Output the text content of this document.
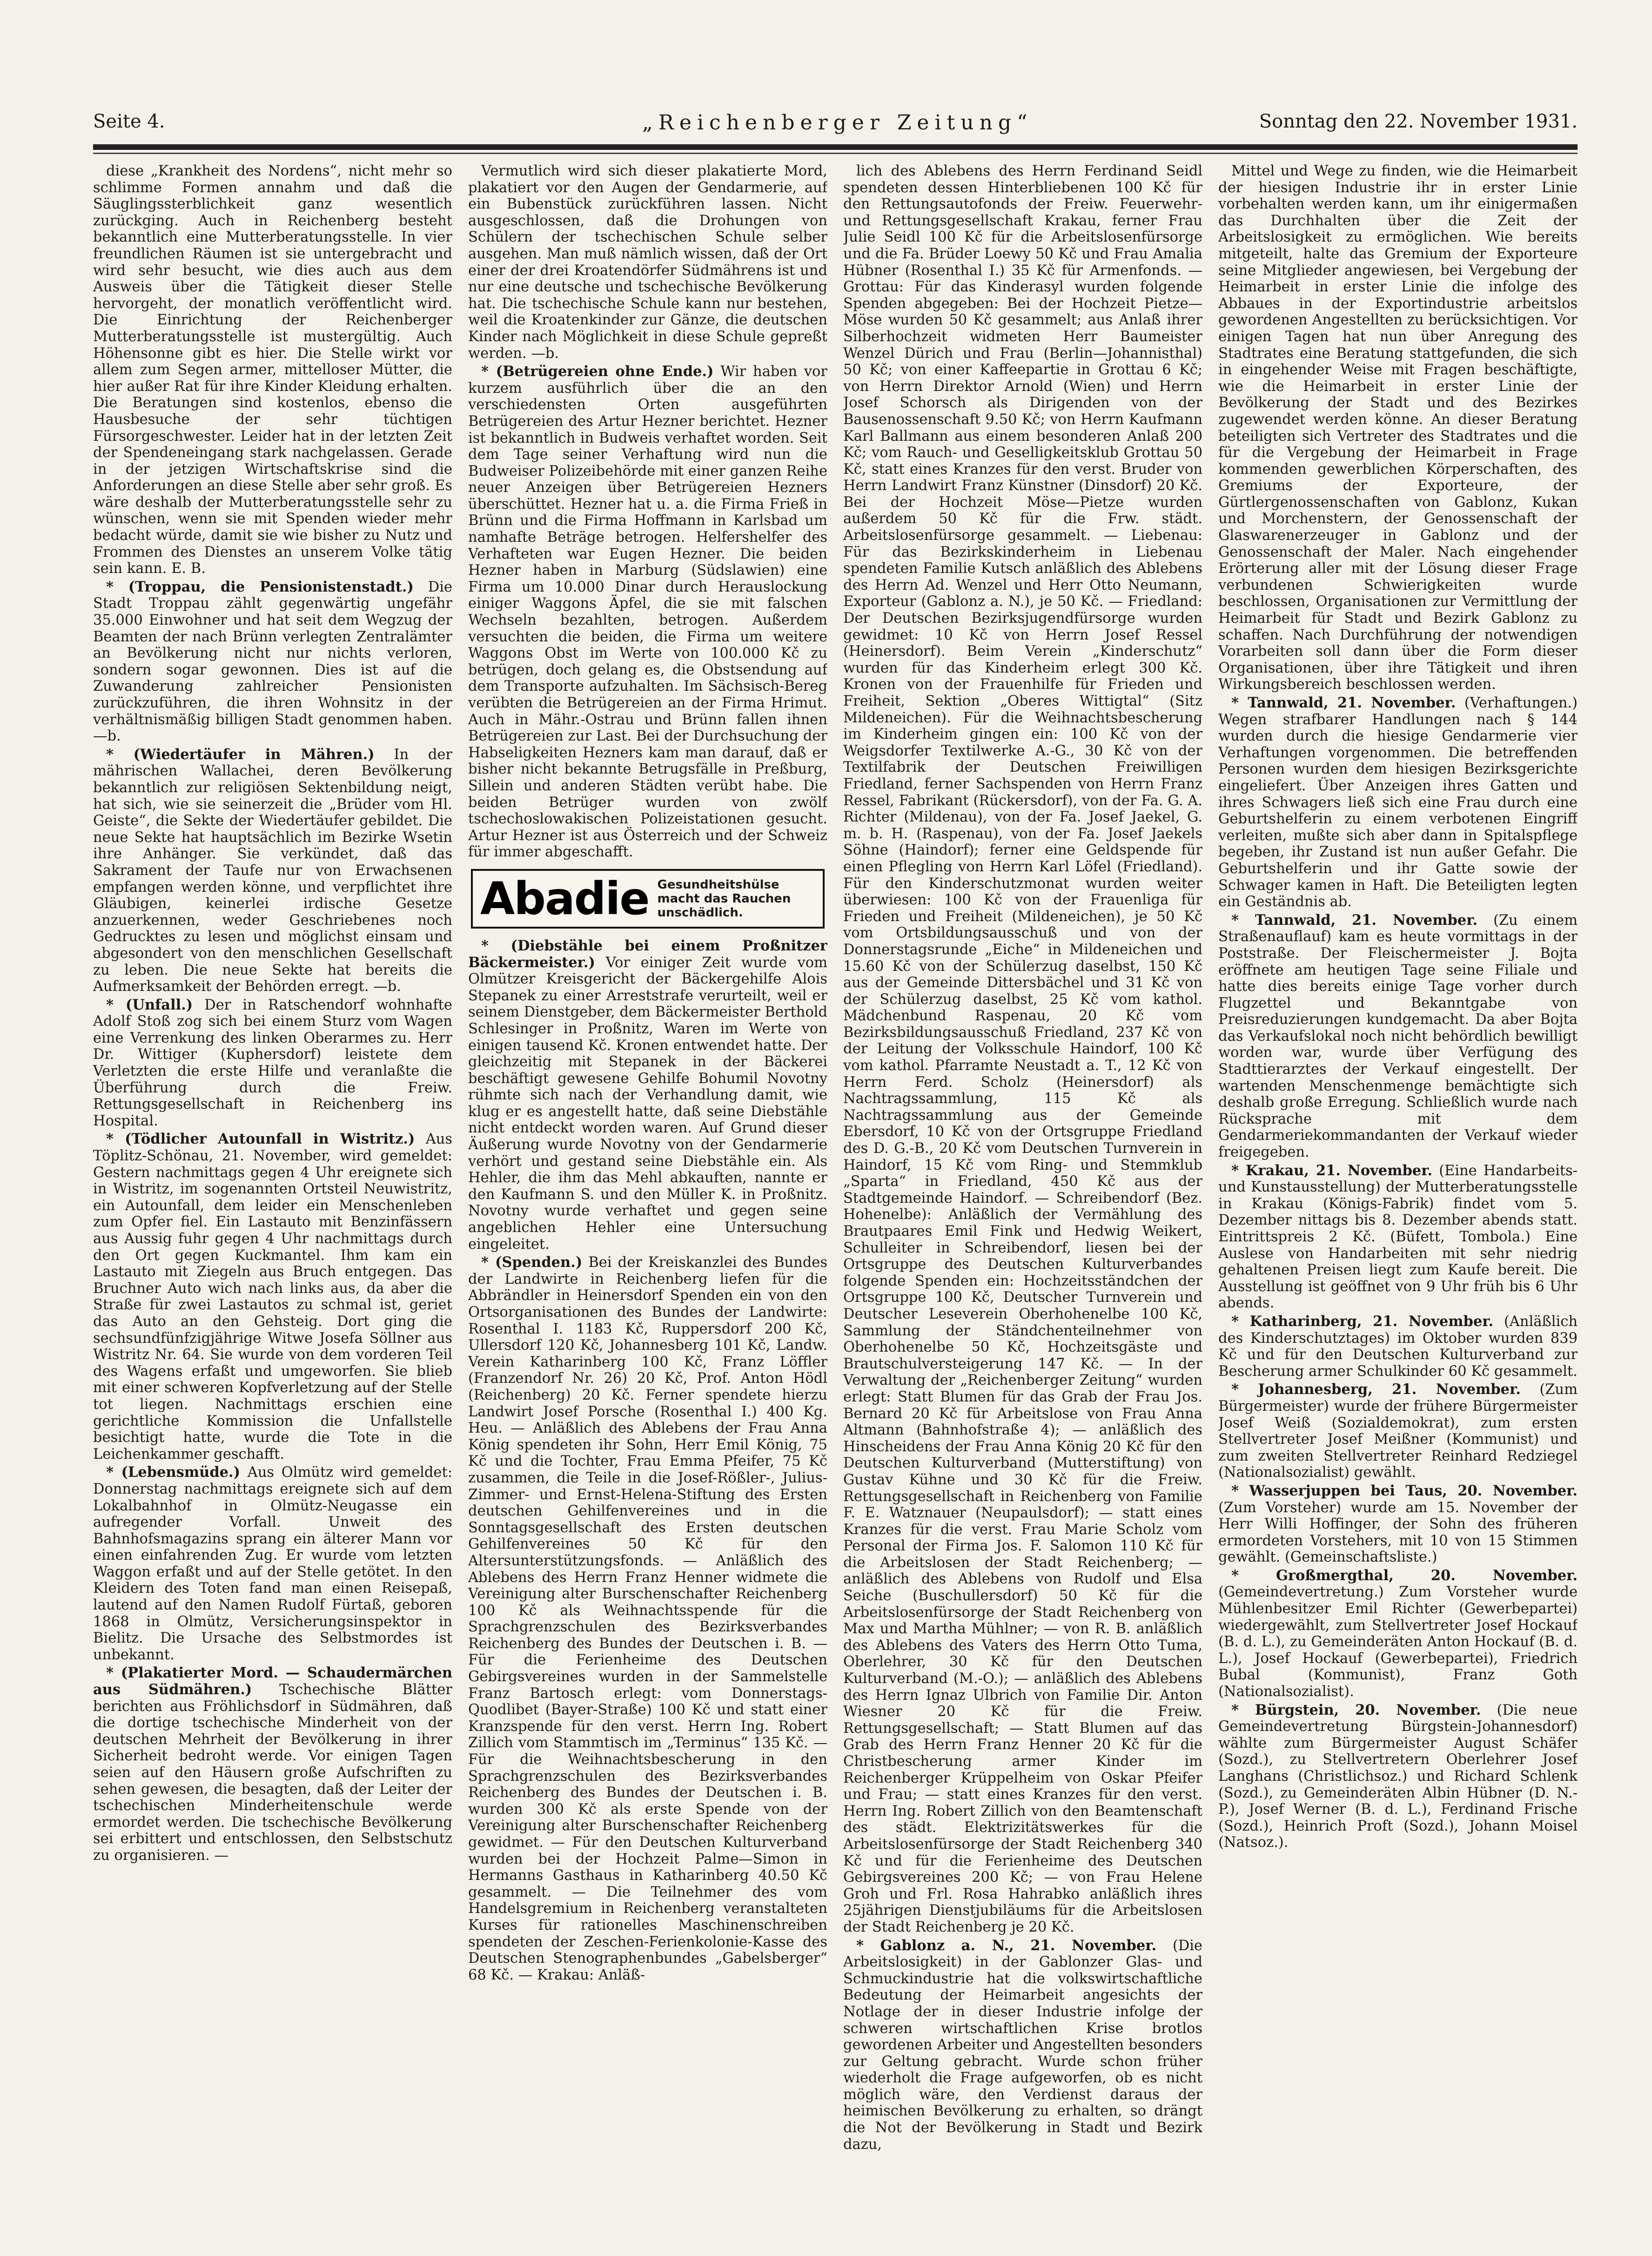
Seite 4.	„Reichenberger Zeitung“	Sonntag den 22. November 1931.

diese „Krankheit des Nordens“, nicht mehr so schlimme Formen annahm und daß die Säuglingssterblichkeit ganz wesentlich zurückging. Auch in Reichenberg besteht bekanntlich eine Mutterberatungsstelle. In vier freundlichen Räumen ist sie untergebracht und wird sehr besucht, wie dies auch aus dem Ausweis über die Tätigkeit dieser Stelle hervorgeht, der monatlich veröffentlicht wird. Die Einrichtung der Reichenberger Mutterberatungsstelle ist mustergültig. Auch Höhensonne gibt es hier. Die Stelle wirkt vor allem zum Segen armer, mittelloser Mütter, die hier außer Rat für ihre Kinder Kleidung erhalten. Die Beratungen sind kostenlos, ebenso die Hausbesuche der sehr tüchtigen Fürsorgeschwester. Leider hat in der letzten Zeit der Spendeneingang stark nachgelassen. Gerade in der jetzigen Wirtschaftskrise sind die Anforderungen an diese Stelle aber sehr groß. Es wäre deshalb der Mutterberatungsstelle sehr zu wünschen, wenn sie mit Spenden wieder mehr bedacht würde, damit sie wie bisher zu Nutz und Frommen des Dienstes an unserem Volke tätig sein kann. E. B.

* (Troppau, die Pensionistenstadt.) Die Stadt Troppau zählt gegenwärtig ungefähr 35.000 Einwohner und hat seit dem Wegzug der Beamten der nach Brünn verlegten Zentralämter an Bevölkerung nicht nur nichts verloren, sondern sogar gewonnen. Dies ist auf die Zuwanderung zahlreicher Pensionisten zurückzuführen, die ihren Wohnsitz in der verhältnismäßig billigen Stadt genommen haben. —b.

* (Wiedertäufer in Mähren.) In der mährischen Wallachei, deren Bevölkerung bekanntlich zur religiösen Sektenbildung neigt, hat sich, wie sie seinerzeit die „Brüder vom Hl. Geiste“, die Sekte der Wiedertäufer gebildet. Die neue Sekte hat hauptsächlich im Bezirke Wsetin ihre Anhänger. Sie verkündet, daß das Sakrament der Taufe nur von Erwachsenen empfangen werden könne, und verpflichtet ihre Gläubigen, keinerlei irdische Gesetze anzuerkennen, weder Geschriebenes noch Gedrucktes zu lesen und möglichst einsam und abgesondert von den menschlichen Gesellschaft zu leben. Die neue Sekte hat bereits die Aufmerksamkeit der Behörden erregt. —b.

* (Unfall.) Der in Ratschendorf wohnhafte Adolf Stoß zog sich bei einem Sturz vom Wagen eine Verrenkung des linken Oberarmes zu. Herr Dr. Wittiger (Kuphersdorf) leistete dem Verletzten die erste Hilfe und veranlaßte die Überführung durch die Freiw. Rettungsgesellschaft in Reichenberg ins Hospital.

* (Tödlicher Autounfall in Wistritz.) Aus Töplitz-Schönau, 21. November, wird gemeldet: Gestern nachmittags gegen 4 Uhr ereignete sich in Wistritz, im sogenannten Ortsteil Neuwistritz, ein Autounfall, dem leider ein Menschenleben zum Opfer fiel. Ein Lastauto mit Benzinfässern aus Aussig fuhr gegen 4 Uhr nachmittags durch den Ort gegen Kuckmantel. Ihm kam ein Lastauto mit Ziegeln aus Bruch entgegen. Das Bruchner Auto wich nach links aus, da aber die Straße für zwei Lastautos zu schmal ist, geriet das Auto an den Gehsteig. Dort ging die sechsundfünfzigjährige Witwe Josefa Söllner aus Wistritz Nr. 64. Sie wurde von dem vorderen Teil des Wagens erfaßt und umgeworfen. Sie blieb mit einer schweren Kopfverletzung auf der Stelle tot liegen. Nachmittags erschien eine gerichtliche Kommission die Unfallstelle besichtigt hatte, wurde die Tote in die Leichenkammer geschafft.

* (Lebensmüde.) Aus Olmütz wird gemeldet: Donnerstag nachmittags ereignete sich auf dem Lokalbahnhof in Olmütz-Neugasse ein aufregender Vorfall. Unweit des Bahnhofsmagazins sprang ein älterer Mann vor einen einfahrenden Zug. Er wurde vom letzten Waggon erfaßt und auf der Stelle getötet. In den Kleidern des Toten fand man einen Reisepaß, lautend auf den Namen Rudolf Fürtaß, geboren 1868 in Olmütz, Versicherungsinspektor in Bielitz. Die Ursache des Selbstmordes ist unbekannt.

* (Plakatierter Mord. — Schaudermärchen aus Südmähren.) Tschechische Blätter berichten aus Fröhlichsdorf in Südmähren, daß die dortige tschechische Minderheit von der deutschen Mehrheit der Bevölkerung in ihrer Sicherheit bedroht werde. Vor einigen Tagen seien auf den Häusern große Aufschriften zu sehen gewesen, die besagten, daß der Leiter der tschechischen Minderheitenschule werde ermordet werden. Die tschechische Bevölkerung sei erbittert und entschlossen, den Selbstschutz zu organisieren. —

Vermutlich wird sich dieser plakatierte Mord, plakatiert vor den Augen der Gendarmerie, auf ein Bubenstück zurückführen lassen. Nicht ausgeschlossen, daß die Drohungen von Schülern der tschechischen Schule selber ausgehen. Man muß nämlich wissen, daß der Ort einer der drei Kroatendörfer Südmährens ist und nur eine deutsche und tschechische Bevölkerung hat. Die tschechische Schule kann nur bestehen, weil die Kroatenkinder zur Gänze, die deutschen Kinder nach Möglichkeit in diese Schule gepreßt werden. —b.

* (Betrügereien ohne Ende.) Wir haben vor kurzem ausführlich über die an den verschiedensten Orten ausgeführten Betrügereien des Artur Hezner berichtet. Hezner ist bekanntlich in Budweis verhaftet worden. Seit dem Tage seiner Verhaftung wird nun die Budweiser Polizeibehörde mit einer ganzen Reihe neuer Anzeigen über Betrügereien Hezners überschüttet. Hezner hat u. a. die Firma Frieß in Brünn und die Firma Hoffmann in Karlsbad um namhafte Beträge betrogen. Helfershelfer des Verhafteten war Eugen Hezner. Die beiden Hezner haben in Marburg (Südslawien) eine Firma um 10.000 Dinar durch Herauslockung einiger Waggons Äpfel, die sie mit falschen Wechseln bezahlten, betrogen. Außerdem versuchten die beiden, die Firma um weitere Waggons Obst im Werte von 100.000 Kč zu betrügen, doch gelang es, die Obstsendung auf dem Transporte aufzuhalten. Im Sächsisch-Bereg verübten die Betrügereien an der Firma Hrimut. Auch in Mähr.-Ostrau und Brünn fallen ihnen Betrügereien zur Last. Bei der Durchsuchung der Habseligkeiten Hezners kam man darauf, daß er bisher nicht bekannte Betrugsfälle in Preßburg, Sillein und anderen Städten verübt habe. Die beiden Betrüger wurden von zwölf tschechoslowakischen Polizeistationen gesucht. Artur Hezner ist aus Österreich und der Schweiz für immer abgeschafft.

Abadie Gesundheitshülse
macht das Rauchen
unschädlich.

* (Diebstähle bei einem Proßnitzer Bäckermeister.) Vor einiger Zeit wurde vom Olmützer Kreisgericht der Bäckergehilfe Alois Stepanek zu einer Arreststrafe verurteilt, weil er seinem Dienstgeber, dem Bäckermeister Berthold Schlesinger in Proßnitz, Waren im Werte von einigen tausend Kč. Kronen entwendet hatte. Der gleichzeitig mit Stepanek in der Bäckerei beschäftigt gewesene Gehilfe Bohumil Novotny rühmte sich nach der Verhandlung damit, wie klug er es angestellt hatte, daß seine Diebstähle nicht entdeckt worden waren. Auf Grund dieser Äußerung wurde Novotny von der Gendarmerie verhört und gestand seine Diebstähle ein. Als Hehler, die ihm das Mehl abkauften, nannte er den Kaufmann S. und den Müller K. in Proßnitz. Novotny wurde verhaftet und gegen seine angeblichen Hehler eine Untersuchung eingeleitet.

* (Spenden.) Bei der Kreiskanzlei des Bundes der Landwirte in Reichenberg liefen für die Abbrändler in Heinersdorf Spenden ein von den Ortsorganisationen des Bundes der Landwirte: Rosenthal I. 1183 Kč, Ruppersdorf 200 Kč, Ullersdorf 120 Kč, Johannesberg 101 Kč, Landw. Verein Katharinberg 100 Kč, Franz Löffler (Franzendorf Nr. 26) 20 Kč, Prof. Anton Hödl (Reichenberg) 20 Kč. Ferner spendete hierzu Landwirt Josef Porsche (Rosenthal I.) 400 Kg. Heu. — Anläßlich des Ablebens der Frau Anna König spendeten ihr Sohn, Herr Emil König, 75 Kč und die Tochter, Frau Emma Pfeifer, 75 Kč zusammen, die Teile in die Josef-Rößler-, Julius-Zimmer- und Ernst-Helena-Stiftung des Ersten deutschen Gehilfenvereines und in die Sonntagsgesellschaft des Ersten deutschen Gehilfenvereines 50 Kč für den Altersunterstützungsfonds. — Anläßlich des Ablebens des Herrn Franz Henner widmete die Vereinigung alter Burschenschafter Reichenberg 100 Kč als Weihnachtsspende für die Sprachgrenzschulen des Bezirksverbandes Reichenberg des Bundes der Deutschen i. B. — Für die Ferienheime des Deutschen Gebirgsvereines wurden in der Sammelstelle Franz Bartosch erlegt: vom Donnerstags-Quodlibet (Bayer-Straße) 100 Kč und statt einer Kranzspende für den verst. Herrn Ing. Robert Zillich vom Stammtisch im „Terminus“ 135 Kč. — Für die Weihnachtsbescherung in den Sprachgrenzschulen des Bezirksverbandes Reichenberg des Bundes der Deutschen i. B. wurden 300 Kč als erste Spende von der Vereinigung alter Burschenschafter Reichenberg gewidmet. — Für den Deutschen Kulturverband wurden bei der Hochzeit Palme—Simon in Hermanns Gasthaus in Katharinberg 40.50 Kč gesammelt. — Die Teilnehmer des vom Handelsgremium in Reichenberg veranstalteten Kurses für rationelles Maschinenschreiben spendeten der Zeschen-Ferienkolonie-Kasse des Deutschen Stenographenbundes „Gabelsberger“ 68 Kč. — Krakau: Anläß-

lich des Ablebens des Herrn Ferdinand Seidl spendeten dessen Hinterbliebenen 100 Kč für den Rettungsautofonds der Freiw. Feuerwehr- und Rettungsgesellschaft Krakau, ferner Frau Julie Seidl 100 Kč für die Arbeitslosenfürsorge und die Fa. Brüder Loewy 50 Kč und Frau Amalia Hübner (Rosenthal I.) 35 Kč für Armenfonds. — Grottau: Für das Kinderasyl wurden folgende Spenden abgegeben: Bei der Hochzeit Pietze—Möse wurden 50 Kč gesammelt; aus Anlaß ihrer Silberhochzeit widmeten Herr Baumeister Wenzel Dürich und Frau (Berlin—Johannisthal) 50 Kč; von einer Kaffeepartie in Grottau 6 Kč; von Herrn Direktor Arnold (Wien) und Herrn Josef Schorsch als Dirigenden von der Bausenossenschaft 9.50 Kč; von Herrn Kaufmann Karl Ballmann aus einem besonderen Anlaß 200 Kč; vom Rauch- und Geselligkeitsklub Grottau 50 Kč, statt eines Kranzes für den verst. Bruder von Herrn Landwirt Franz Künstner (Dinsdorf) 20 Kč. Bei der Hochzeit Möse—Pietze wurden außerdem 50 Kč für die Frw. städt. Arbeitslosenfürsorge gesammelt. — Liebenau: Für das Bezirkskinderheim in Liebenau spendeten Familie Kutsch anläßlich des Ablebens des Herrn Ad. Wenzel und Herr Otto Neumann, Exporteur (Gablonz a. N.), je 50 Kč. — Friedland: Der Deutschen Bezirksjugendfürsorge wurden gewidmet: 10 Kč von Herrn Josef Ressel (Heinersdorf). Beim Verein „Kinderschutz“ wurden für das Kinderheim erlegt 300 Kč. Kronen von der Frauenhilfe für Frieden und Freiheit, Sektion „Oberes Wittigtal“ (Sitz Mildeneichen). Für die Weihnachtsbescherung im Kinderheim gingen ein: 100 Kč von der Weigsdorfer Textilwerke A.-G., 30 Kč von der Textilfabrik der Deutschen Freiwilligen Friedland, ferner Sachspenden von Herrn Franz Ressel, Fabrikant (Rückersdorf), von der Fa. G. A. Richter (Mildenau), von der Fa. Josef Jaekel, G. m. b. H. (Raspenau), von der Fa. Josef Jaekels Söhne (Haindorf); ferner eine Geldspende für einen Pflegling von Herrn Karl Löfel (Friedland). Für den Kinderschutzmonat wurden weiter überwiesen: 100 Kč von der Frauenliga für Frieden und Freiheit (Mildeneichen), je 50 Kč vom Ortsbildungsausschuß und von der Donnerstagsrunde „Eiche“ in Mildeneichen und 15.60 Kč von der Schülerzug daselbst, 150 Kč aus der Gemeinde Dittersbächel und 31 Kč von der Schülerzug daselbst, 25 Kč vom kathol. Mädchenbund Raspenau, 20 Kč vom Bezirksbildungsausschuß Friedland, 237 Kč von der Leitung der Volksschule Haindorf, 100 Kč vom kathol. Pfarramte Neustadt a. T., 12 Kč von Herrn Ferd. Scholz (Heinersdorf) als Nachtragssammlung, 115 Kč als Nachtragssammlung aus der Gemeinde Ebersdorf, 10 Kč von der Ortsgruppe Friedland des D. G.-B., 20 Kč vom Deutschen Turnverein in Haindorf, 15 Kč vom Ring- und Stemmklub „Sparta“ in Friedland, 450 Kč aus der Stadtgemeinde Haindorf. — Schreibendorf (Bez. Hohenelbe): Anläßlich der Vermählung des Brautpaares Emil Fink und Hedwig Weikert, Schulleiter in Schreibendorf, liesen bei der Ortsgruppe des Deutschen Kulturverbandes folgende Spenden ein: Hochzeitsständchen der Ortsgruppe 100 Kč, Deutscher Turnverein und Deutscher Leseverein Oberhohenelbe 100 Kč, Sammlung der Ständchenteilnehmer von Oberhohenelbe 50 Kč, Hochzeitsgäste und Brautschulversteigerung 147 Kč. — In der Verwaltung der „Reichenberger Zeitung“ wurden erlegt: Statt Blumen für das Grab der Frau Jos. Bernard 20 Kč für Arbeitslose von Frau Anna Altmann (Bahnhofstraße 4); — anläßlich des Hinscheidens der Frau Anna König 20 Kč für den Deutschen Kulturverband (Mutterstiftung) von Gustav Kühne und 30 Kč für die Freiw. Rettungsgesellschaft in Reichenberg von Familie F. E. Watznauer (Neupaulsdorf); — statt eines Kranzes für die verst. Frau Marie Scholz vom Personal der Firma Jos. F. Salomon 110 Kč für die Arbeitslosen der Stadt Reichenberg; — anläßlich des Ablebens von Rudolf und Elsa Seiche (Buschullersdorf) 50 Kč für die Arbeitslosenfürsorge der Stadt Reichenberg von Max und Martha Mühlner; — von R. B. anläßlich des Ablebens des Vaters des Herrn Otto Tuma, Oberlehrer, 30 Kč für den Deutschen Kulturverband (M.-O.); — anläßlich des Ablebens des Herrn Ignaz Ulbrich von Familie Dir. Anton Wiesner 20 Kč für die Freiw. Rettungsgesellschaft; — Statt Blumen auf das Grab des Herrn Franz Henner 20 Kč für die Christbescherung armer Kinder im Reichenberger Krüppelheim von Oskar Pfeifer und Frau; — statt eines Kranzes für den verst. Herrn Ing. Robert Zillich von den Beamtenschaft des städt. Elektrizitätswerkes für die Arbeitslosenfürsorge der Stadt Reichenberg 340 Kč und für die Ferienheime des Deutschen Gebirgsvereines 200 Kč; — von Frau Helene Groh und Frl. Rosa Hahrabko anläßlich ihres 25jährigen Dienstjubiläums für die Arbeitslosen der Stadt Reichenberg je 20 Kč.

* Gablonz a. N., 21. November. (Die Arbeitslosigkeit) in der Gablonzer Glas- und Schmuckindustrie hat die volkswirtschaftliche Bedeutung der Heimarbeit angesichts der Notlage der in dieser Industrie infolge der schweren wirtschaftlichen Krise brotlos gewordenen Arbeiter und Angestellten besonders zur Geltung gebracht. Wurde schon früher wiederholt die Frage aufgeworfen, ob es nicht möglich wäre, den Verdienst daraus der heimischen Bevölkerung zu erhalten, so drängt die Not der Bevölkerung in Stadt und Bezirk dazu,

Mittel und Wege zu finden, wie die Heimarbeit der hiesigen Industrie ihr in erster Linie vorbehalten werden kann, um ihr einigermaßen das Durchhalten über die Zeit der Arbeitslosigkeit zu ermöglichen. Wie bereits mitgeteilt, halte das Gremium der Exporteure seine Mitglieder angewiesen, bei Vergebung der Heimarbeit in erster Linie die infolge des Abbaues in der Exportindustrie arbeitslos gewordenen Angestellten zu berücksichtigen. Vor einigen Tagen hat nun über Anregung des Stadtrates eine Beratung stattgefunden, die sich in eingehender Weise mit Fragen beschäftigte, wie die Heimarbeit in erster Linie der Bevölkerung der Stadt und des Bezirkes zugewendet werden könne. An dieser Beratung beteiligten sich Vertreter des Stadtrates und die für die Vergebung der Heimarbeit in Frage kommenden gewerblichen Körperschaften, des Gremiums der Exporteure, der Gürtlergenossenschaften von Gablonz, Kukan und Morchenstern, der Genossenschaft der Glaswarenerzeuger in Gablonz und der Genossenschaft der Maler. Nach eingehender Erörterung aller mit der Lösung dieser Frage verbundenen Schwierigkeiten wurde beschlossen, Organisationen zur Vermittlung der Heimarbeit für Stadt und Bezirk Gablonz zu schaffen. Nach Durchführung der notwendigen Vorarbeiten soll dann über die Form dieser Organisationen, über ihre Tätigkeit und ihren Wirkungsbereich beschlossen werden.

* Tannwald, 21. November. (Verhaftungen.) Wegen strafbarer Handlungen nach § 144 wurden durch die hiesige Gendarmerie vier Verhaftungen vorgenommen. Die betreffenden Personen wurden dem hiesigen Bezirksgerichte eingeliefert. Über Anzeigen ihres Gatten und ihres Schwagers ließ sich eine Frau durch eine Geburtshelferin zu einem verbotenen Eingriff verleiten, mußte sich aber dann in Spitalspflege begeben, ihr Zustand ist nun außer Gefahr. Die Geburtshelferin und ihr Gatte sowie der Schwager kamen in Haft. Die Beteiligten legten ein Geständnis ab.

* Tannwald, 21. November. (Zu einem Straßenauflauf) kam es heute vormittags in der Poststraße. Der Fleischermeister J. Bojta eröffnete am heutigen Tage seine Filiale und hatte dies bereits einige Tage vorher durch Flugzettel und Bekanntgabe von Preisreduzierungen kundgemacht. Da aber Bojta das Verkaufslokal noch nicht behördlich bewilligt worden war, wurde über Verfügung des Stadttierarztes der Verkauf eingestellt. Der wartenden Menschenmenge bemächtigte sich deshalb große Erregung. Schließlich wurde nach Rücksprache mit dem Gendarmeriekommandanten der Verkauf wieder freigegeben.

* Krakau, 21. November. (Eine Handarbeits- und Kunstausstellung) der Mutterberatungsstelle in Krakau (Königs-Fabrik) findet vom 5. Dezember nittags bis 8. Dezember abends statt. Eintrittspreis 2 Kč. (Büfett, Tombola.) Eine Auslese von Handarbeiten mit sehr niedrig gehaltenen Preisen liegt zum Kaufe bereit. Die Ausstellung ist geöffnet von 9 Uhr früh bis 6 Uhr abends.

* Katharinberg, 21. November. (Anläßlich des Kinderschutztages) im Oktober wurden 839 Kč und für den Deutschen Kulturverband zur Bescherung armer Schulkinder 60 Kč gesammelt.

* Johannesberg, 21. November. (Zum Bürgermeister) wurde der frühere Bürgermeister Josef Weiß (Sozialdemokrat), zum ersten Stellvertreter Josef Meißner (Kommunist) und zum zweiten Stellvertreter Reinhard Redziegel (Nationalsozialist) gewählt.

* Wasserjuppen bei Taus, 20. November. (Zum Vorsteher) wurde am 15. November der Herr Willi Hoffinger, der Sohn des früheren ermordeten Vorstehers, mit 10 von 15 Stimmen gewählt. (Gemeinschaftsliste.)

* Großmergthal, 20. November. (Gemeindevertretung.) Zum Vorsteher wurde Mühlenbesitzer Emil Richter (Gewerbepartei) wiedergewählt, zum Stellvertreter Josef Hockauf (B. d. L.), zu Gemeinderäten Anton Hockauf (B. d. L.), Josef Hockauf (Gewerbepartei), Friedrich Bubal (Kommunist), Franz Goth (Nationalsozialist).

* Bürgstein, 20. November. (Die neue Gemeindevertretung Bürgstein-Johannesdorf) wählte zum Bürgermeister August Schäfer (Sozd.), zu Stellvertretern Oberlehrer Josef Langhans (Christlichsoz.) und Richard Schlenk (Sozd.), zu Gemeinderäten Albin Hübner (D. N.-P.), Josef Werner (B. d. L.), Ferdinand Frische (Sozd.), Heinrich Proft (Sozd.), Johann Moisel (Natsoz.).
